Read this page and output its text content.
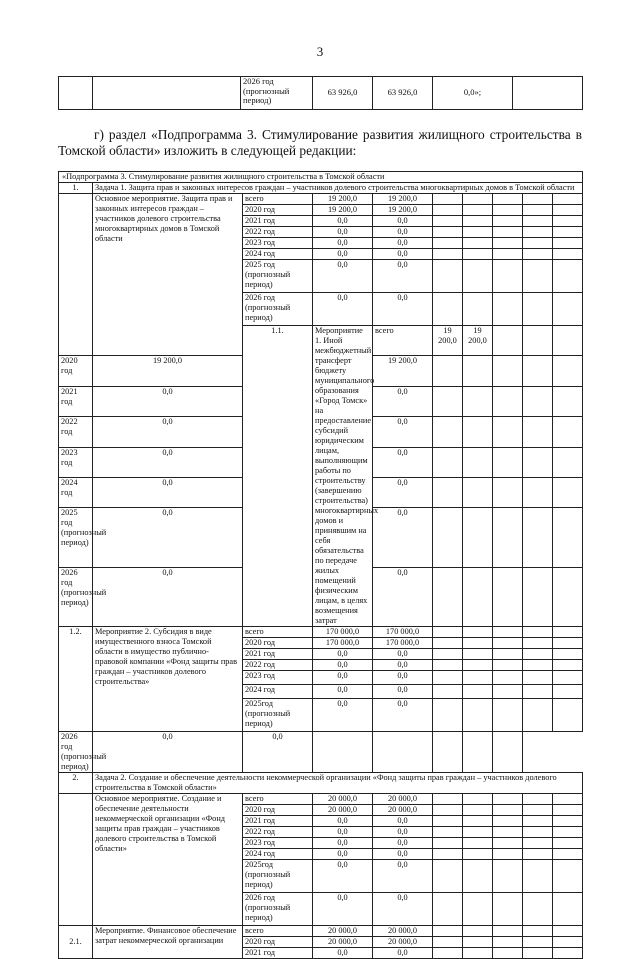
3
		2026 год (прогнозный период)	63 926,0	63 926,0	0,0»;	
г) раздел «Подпрограмма 3. Стимулирование развития жилищного строительства в Томской области» изложить в следующей редакции:
«Подпрограмма 3. Стимулирование развития жилищного строительства в Томской области										
1.	Задача 1. Защита прав и законных интересов граждан – участников долевого строительства многоквартирных домов в Томской области									
	Основное мероприятие. Защита прав и законных интересов граждан – участников долевого строительства многоквартирных домов в Томской области	всего	19 200,0	19 200,0						
		2020 год	19 200,0	19 200,0						
		2021 год	0,0	0,0						
		2022 год	0,0	0,0						
		2023 год	0,0	0,0						
		2024 год	0,0	0,0						
		2025 год (прогнозный период)	0,0	0,0						
		2026 год (прогнозный период)	0,0	0,0						
		1.1.	Мероприятие 1. Иной межбюджетный трансферт бюджету муниципального образования «Город Томск» на предоставление субсидий юридическим лицам, выполняющим работы по строительству (завершению строительства) многоквартирных домов и принявшим на себя обязательства по передаче жилых помещений физическим лицам, в целях возмещения затрат	всего	19 200,0	19 200,0					
2020 год	19 200,0			19 200,0						
2021 год	0,0			0,0						
2022 год	0,0			0,0						
2023 год	0,0			0,0						
2024 год	0,0			0,0						
2025 год (прогнозный период)	0,0			0,0						
2026 год (прогнозный период)	0,0			0,0						
1.2.	Мероприятие 2. Субсидия в виде имущественного взноса Томской области в имущество публично-правовой компании «Фонд защиты прав граждан – участников долевого строительства»	всего	170 000,0	170 000,0						
		2020 год	170 000,0	170 000,0						
		2021 год	0,0	0,0						
		2022 год	0,0	0,0						
		2023 год	0,0	0,0						
		2024 год	0,0	0,0						
		2025год (прогнозный период)	0,0	0,0						
2026 год (прогнозный период)	0,0	0,0								
2.	Задача 2. Создание и обеспечение деятельности некоммерческой организации «Фонд защиты прав граждан – участников долевого строительства в Томской области»									
	Основное мероприятие. Создание и обеспечение деятельности некоммерческой организации «Фонд защиты прав граждан – участников долевого строительства в Томской области»	всего	20 000,0	20 000,0						
		2020 год	20 000,0	20 000,0						
		2021 год	0,0	0,0						
		2022 год	0,0	0,0						
		2023 год	0,0	0,0						
		2024 год	0,0	0,0						
		2025год (прогнозный период)	0,0	0,0						
		2026 год (прогнозный период)	0,0	0,0						
2.1.	Мероприятие. Финансовое обеспечение затрат некоммерческой организации	всего	20 000,0	20 000,0						
		2020 год	20 000,0	20 000,0						
		2021 год	0,0	0,0						
